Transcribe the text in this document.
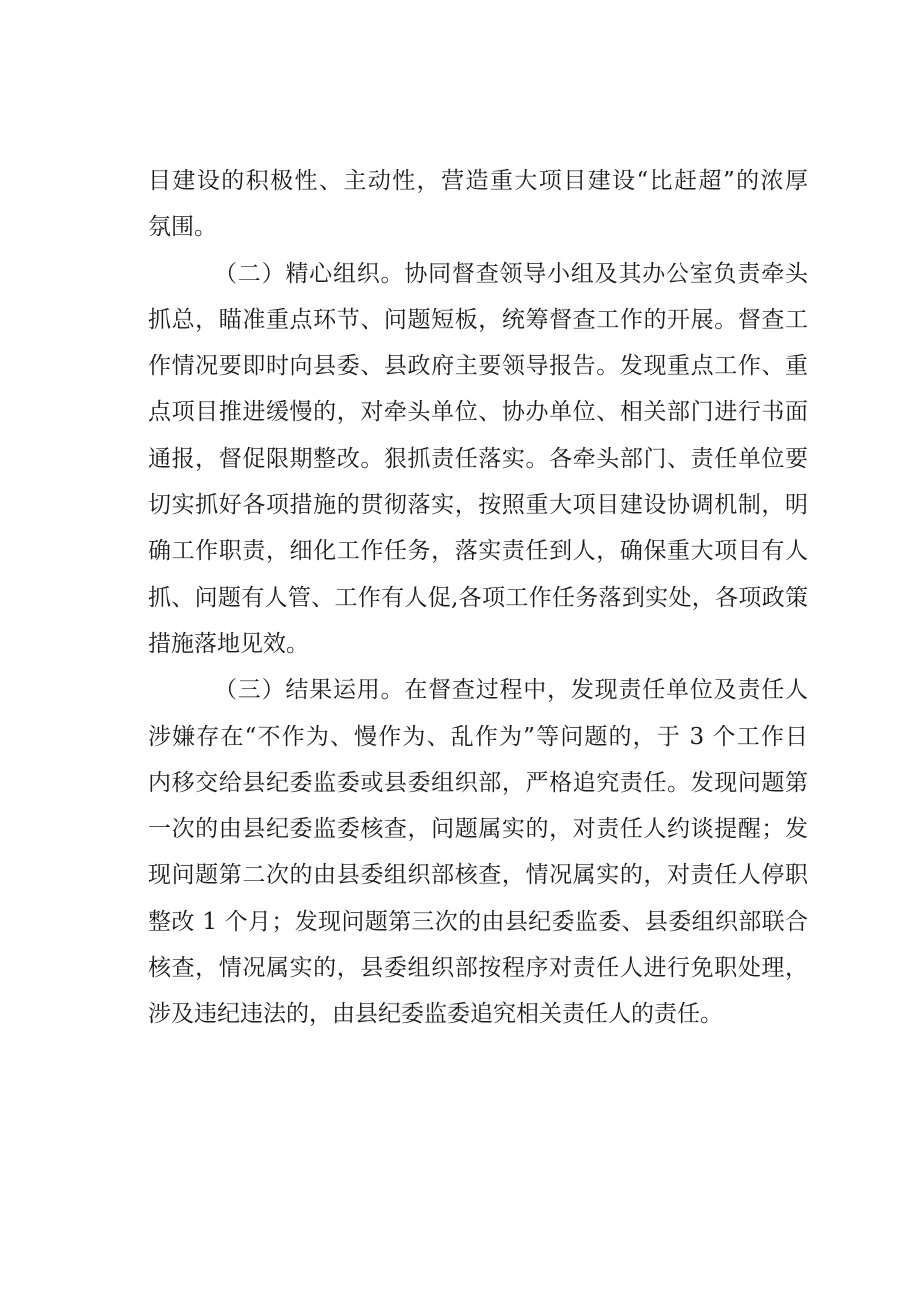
目建设的积极性、主动性，营造重大项目建设“比赶超”的浓厚
氛围。
（二）精心组织。协同督查领导小组及其办公室负责牵头
抓总，瞄准重点环节、问题短板，统筹督查工作的开展。督查工
作情况要即时向县委、县政府主要领导报告。发现重点工作、重
点项目推进缓慢的，对牵头单位、协办单位、相关部门进行书面
通报，督促限期整改。狠抓责任落实。各牵头部门、责任单位要
切实抓好各项措施的贯彻落实，按照重大项目建设协调机制，明
确工作职责，细化工作任务，落实责任到人，确保重大项目有人
抓、问题有人管、工作有人促,各项工作任务落到实处，各项政策
措施落地见效。
（三）结果运用。在督查过程中，发现责任单位及责任人
涉嫌存在“不作为、慢作为、乱作为”等问题的，于 3 个工作日
内移交给县纪委监委或县委组织部，严格追究责任。发现问题第
一次的由县纪委监委核查，问题属实的，对责任人约谈提醒；发
现问题第二次的由县委组织部核查，情况属实的，对责任人停职
整改 1 个月；发现问题第三次的由县纪委监委、县委组织部联合
核查，情况属实的，县委组织部按程序对责任人进行免职处理，
涉及违纪违法的，由县纪委监委追究相关责任人的责任。
